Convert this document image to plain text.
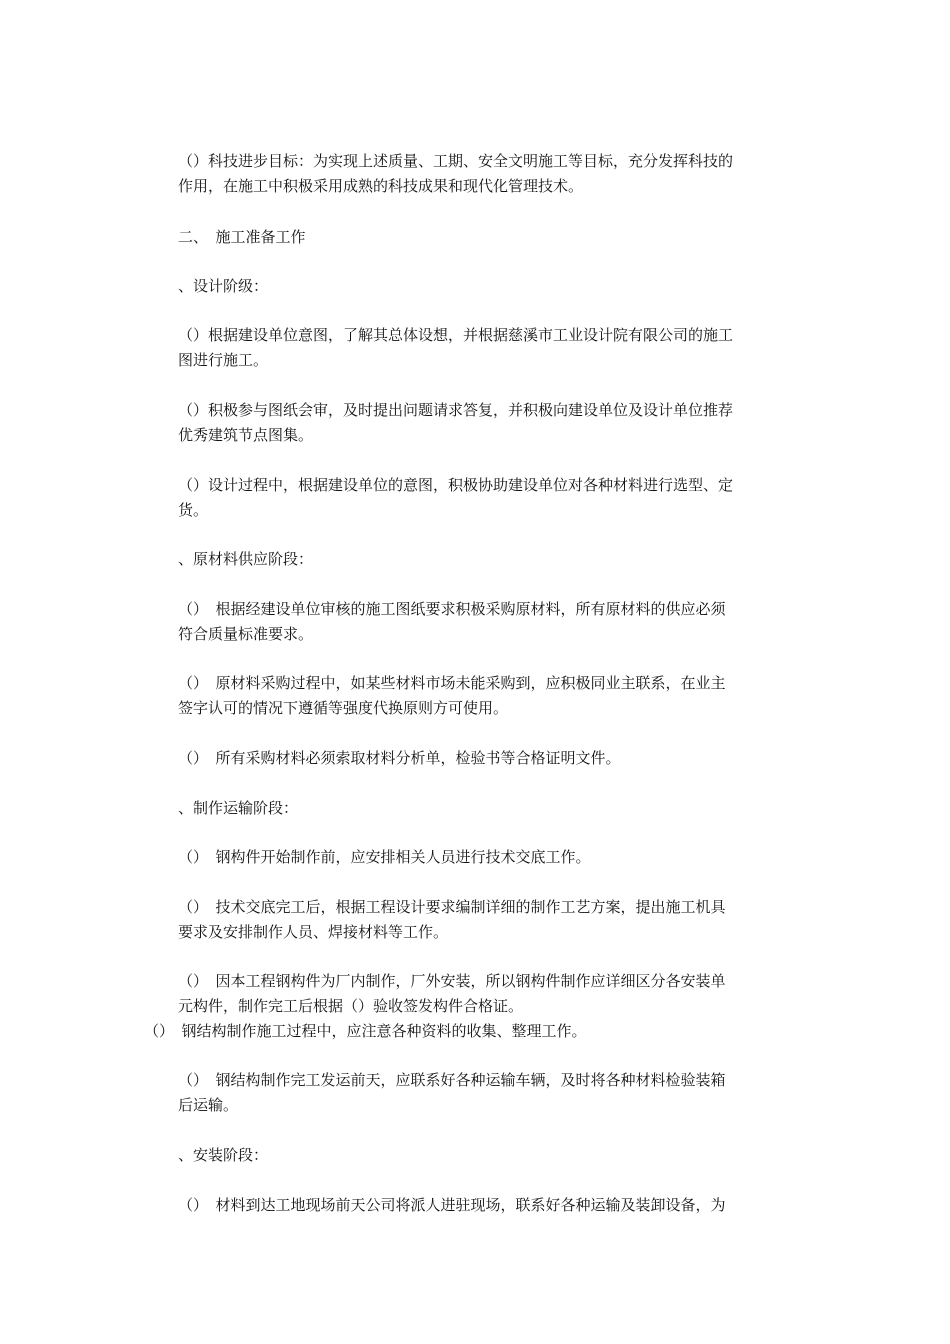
（）科技进步目标：为实现上述质量、工期、安全文明施工等目标，充分发挥科技的
作用，在施工中积极采用成熟的科技成果和现代化管理技术。
二、　施工准备工作
、设计阶级：
（）根据建设单位意图，了解其总体设想，并根据慈溪市工业设计院有限公司的施工
图进行施工。
（）积极参与图纸会审，及时提出问题请求答复，并积极向建设单位及设计单位推荐
优秀建筑节点图集。
（）设计过程中，根据建设单位的意图，积极协助建设单位对各种材料进行选型、定
货。
、原材料供应阶段：
（）　根据经建设单位审核的施工图纸要求积极采购原材料，所有原材料的供应必须
符合质量标准要求。
（）　原材料采购过程中，如某些材料市场未能采购到，应积极同业主联系，在业主
签字认可的情况下遵循等强度代换原则方可使用。
（）　所有采购材料必须索取材料分析单，检验书等合格证明文件。
、制作运输阶段：
（）　钢构件开始制作前，应安排相关人员进行技术交底工作。
（）　技术交底完工后，根据工程设计要求编制详细的制作工艺方案，提出施工机具
要求及安排制作人员、焊接材料等工作。
（）　因本工程钢构件为厂内制作，厂外安装，所以钢构件制作应详细区分各安装单
元构件，制作完工后根据（）验收签发构件合格证。
（）　钢结构制作施工过程中，应注意各种资料的收集、整理工作。
（）　钢结构制作完工发运前天，应联系好各种运输车辆，及时将各种材料检验装箱
后运输。
、安装阶段：
（）　材料到达工地现场前天公司将派人进驻现场，联系好各种运输及装卸设备，为
